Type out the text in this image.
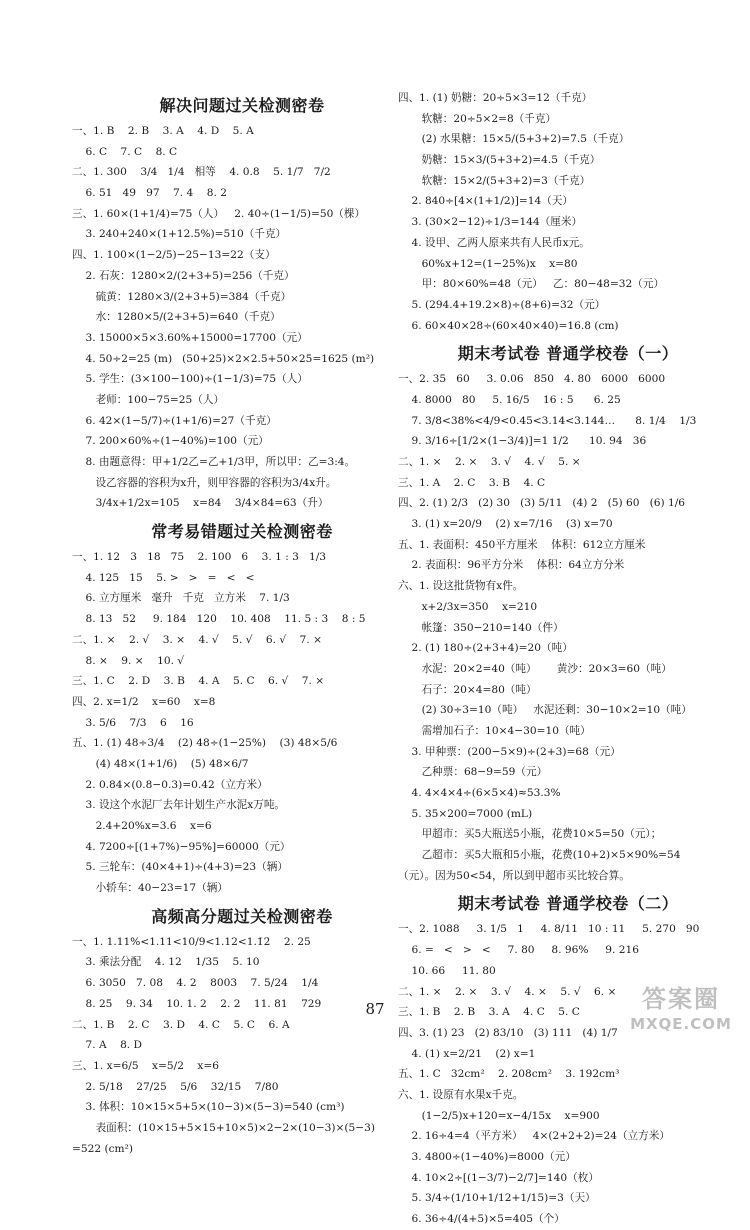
解决问题过关检测密卷
一、1. B    2. B    3. A    4. D    5. A
6. C    7. C    8. C
二、1. 300    3/4   1/4   相等    4. 0.8    5. 1/7   7/2
6. 51   49   97    7. 4    8. 2
三、1. 60×(1+1/4)=75（人）   2. 40÷(1−1/5)=50（棵）
3. 240+240×(1+12.5%)=510（千克）
四、1. 100×(1−2/5)−25−13=22（支）
2. 石灰：1280×2/(2+3+5)=256（千克）
硫黄：1280×3/(2+3+5)=384（千克）
水：1280×5/(2+3+5)=640（千克）
3. 15000×5×3.60%+15000=17700（元）
4. 50÷2=25 (m)   (50+25)×2×2.5+50×25=1625 (m²)
5. 学生：(3×100−100)÷(1−1/3)=75（人）
老师：100−75=25（人）
6. 42×(1−5/7)÷(1+1/6)=27（千克）
7. 200×60%÷(1−40%)=100（元）
8. 由题意得：甲+1/2乙=乙+1/3甲，所以甲：乙=3:4。
设乙容器的容积为x升，则甲容器的容积为3/4x升。
3/4x+1/2x=105    x=84    3/4×84=63（升）
常考易错题过关检测密卷
一、1. 12   3   18   75    2. 100   6    3. 1 : 3   1/3
4. 125   15    5. >   >   =   <   <
6. 立方厘米   毫升   千克   立方米    7. 1/3
8. 13   52     9. 184   120    10. 408    11. 5 : 3    8 : 5
二、1. ×    2. √    3. ×    4. √    5. √    6. √    7. ×
8. ×    9. ×    10. √
三、1. C    2. D    3. B    4. A    5. C    6. √    7. ×
四、2. x=1/2    x=60    x=8
3. 5/6    7/3    6    16
五、1. (1) 48÷3/4    (2) 48÷(1−25%)    (3) 48×5/6
(4) 48×(1+1/6)    (5) 48×6/7
2. 0.84×(0.8−0.3)=0.42（立方米）
3. 设这个水泥厂去年计划生产水泥x万吨。
2.4+20%x=3.6    x=6
4. 7200÷[(1+7%)−95%]=60000（元）
5. 三轮车：(40×4+1)÷(4+3)=23（辆）
小轿车：40−23=17（辆）
高频高分题过关检测密卷
一、1. 1.11%<1.11<10/9<1.12<1.1̇2̇    2. 25
3. 乘法分配    4. 12    1/35    5. 10
6. 3050   7. 08    4. 2    8003    7. 5/24    1/4
8. 25    9. 34    10. 1. 2    2. 2    11. 81    729
二、1. B    2. C    3. D    4. C    5. C    6. A
7. A    8. D
三、1. x=6/5    x=5/2    x=6
2. 5/18    27/25    5/6    32/15    7/80
3. 体积：10×15×5+5×(10−3)×(5−3)=540 (cm³)
表面积：(10×15+5×15+10×5)×2−2×(10−3)×(5−3)
=522 (cm²)
四、1. (1) 奶糖：20÷5×3=12（千克）
软糖：20÷5×2=8（千克）
(2) 水果糖：15×5/(5+3+2)=7.5（千克）
奶糖：15×3/(5+3+2)=4.5（千克）
软糖：15×2/(5+3+2)=3（千克）
2. 840÷[4×(1+1/2)]=14（天）
3. (30×2−12)÷1/3=144（厘米）
4. 设甲、乙两人原来共有人民币x元。
60%x+12=(1−25%)x    x=80
甲：80×60%=48（元）   乙：80−48=32（元）
5. (294.4+19.2×8)÷(8+6)=32（元）
6. 60×40×28÷(60×40×40)=16.8 (cm)
期末考试卷 普通学校卷（一）
一、2. 35   60     3. 0.06   850   4. 80   6000   6000
4. 8000   80     5. 16/5    16 : 5      6. 25
7. 3/8<38%<4/9<0.45<3.14<3.144…      8. 1/4    1/3
9. 3/16÷[1/2×(1−3/4)]=1 1/2      10. 94   36
二、1. ×    2. ×    3. √    4. √    5. ×
三、1. A    2. C    3. B    4. C
四、2. (1) 2/3   (2) 30   (3) 5/11   (4) 2   (5) 60   (6) 1/6
3. (1) x=20/9    (2) x=7/16    (3) x=70
五、1. 表面积：450平方厘米    体积：612立方厘米
2. 表面积：96平方分米    体积：64立方分米
六、1. 设这批货物有x件。
x+2/3x=350    x=210
帐篷：350−210=140（件）
2. (1) 180÷(2+3+4)=20（吨）
水泥：20×2=40（吨）      黄沙：20×3=60（吨）
石子：20×4=80（吨）
(2) 30÷3=10（吨）   水泥还剩：30−10×2=10（吨）
需增加石子：10×4−30=10（吨）
3. 甲种票：(200−5×9)÷(2+3)=68（元）
乙种票：68−9=59（元）
4. 4×4×4÷(6×5×4)≈53.3%
5. 35×200=7000 (mL)
甲超市：买5大瓶送5小瓶，花费10×5=50（元）；
乙超市：买5大瓶和5小瓶，花费(10+2)×5×90%=54
（元）。因为50<54，所以到甲超市买比较合算。
期末考试卷 普通学校卷（二）
一、2. 1088     3. 1/5   1     4. 8/11   10 : 11     5. 270   90
6. =   <   >   <     7. 80     8. 96%     9. 216
10. 66     11. 80
二、1. ×    2. ×    3. √    4. ×    5. √    6. ×
三、1. B    2. B    3. A    4. C    5. C
四、3. (1) 23   (2) 83/10   (3) 111   (4) 1/7
4. (1) x=2/21    (2) x=1
五、1. C   32cm²    2. 208cm²    3. 192cm³
六、1. 设原有水果x千克。
(1−2/5)x+120=x−4/15x    x=900
2. 16÷4=4（平方米）   4×(2+2+2)=24（立方米）
3. 4800÷(1−40%)=8000（元）
4. 10×2÷[(1−3/7)−2/7]=140（枚）
5. 3/4÷(1/10+1/12+1/15)=3（天）
6. 36÷4/(4+5)×5=405（个）
87	答案圈
MXQE.COM
